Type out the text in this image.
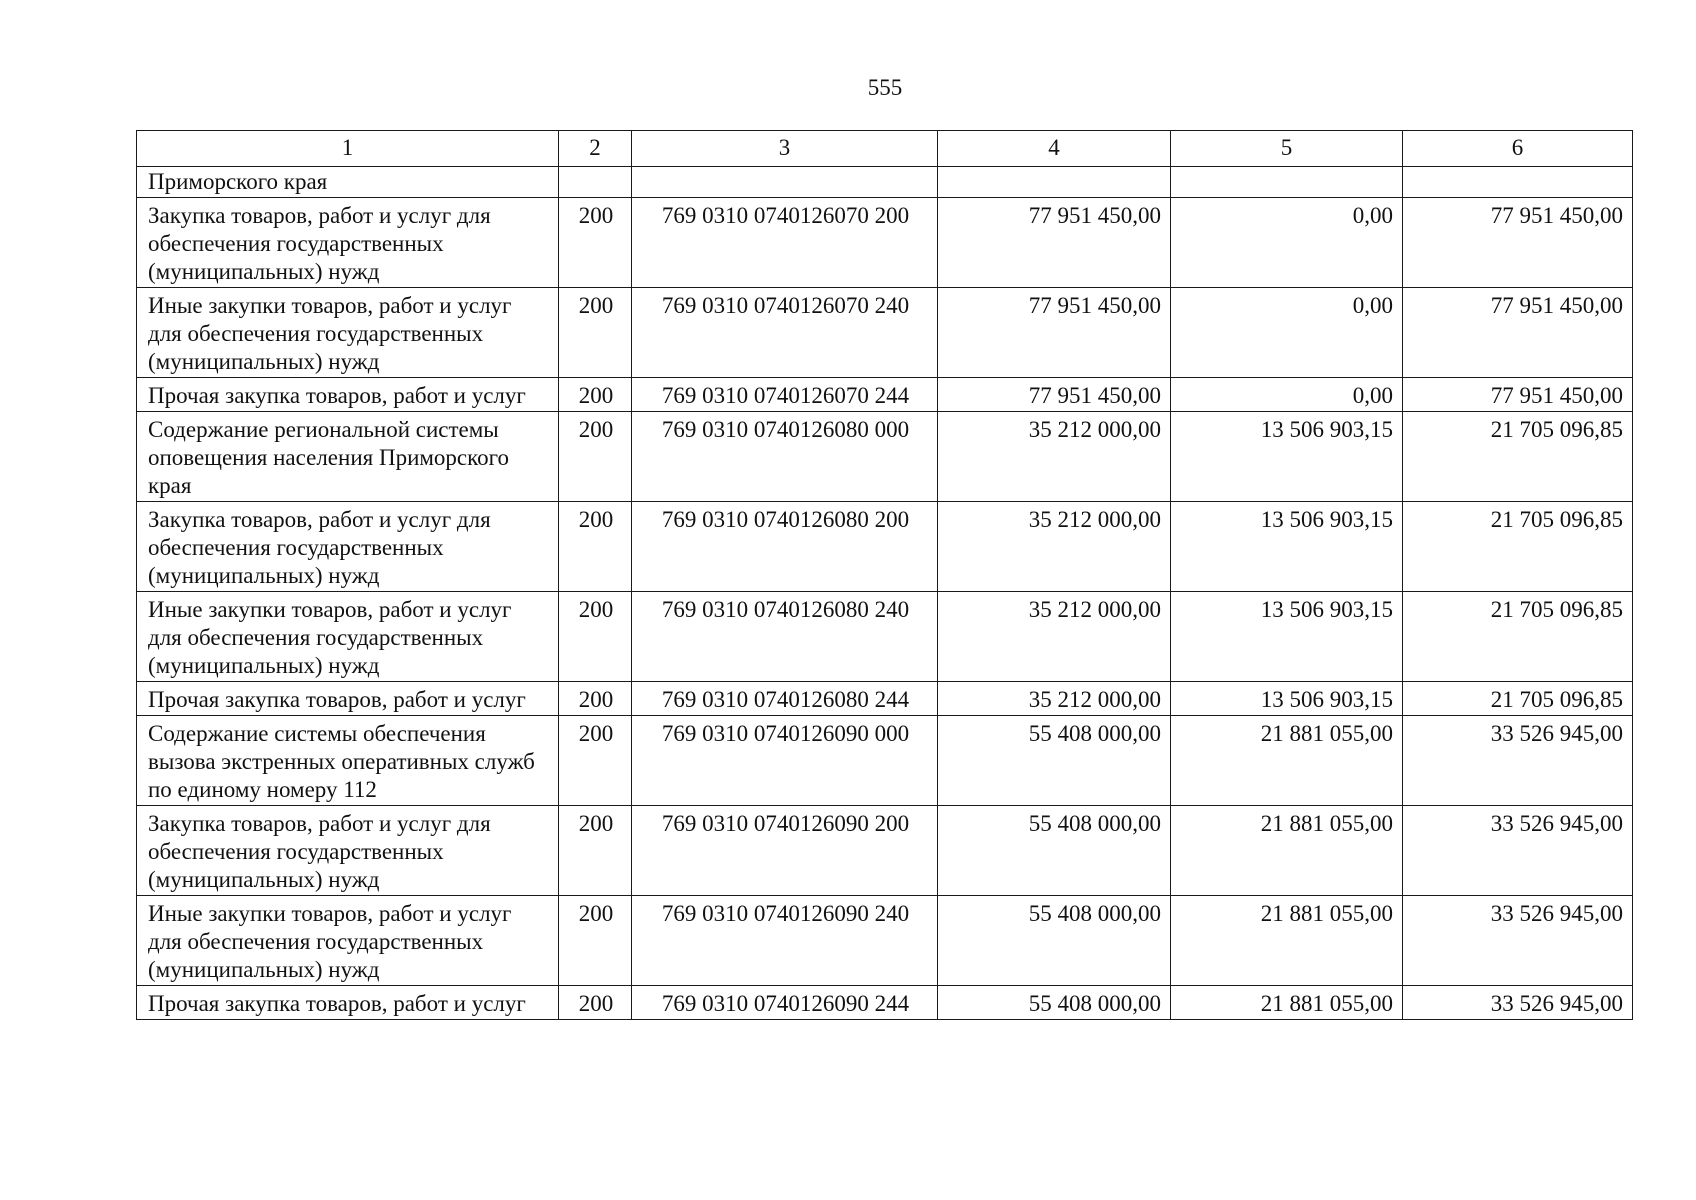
555
1	2	3	4	5	6
Приморского края					
Закупка товаров, работ и услуг для обеспечения государственных (муниципальных) нужд	200	769 0310 0740126070 200	77 951 450,00	0,00	77 951 450,00
Иные закупки товаров, работ и услуг для обеспечения государственных (муниципальных) нужд	200	769 0310 0740126070 240	77 951 450,00	0,00	77 951 450,00
Прочая закупка товаров, работ и услуг	200	769 0310 0740126070 244	77 951 450,00	0,00	77 951 450,00
Содержание региональной системы оповещения населения Приморского края	200	769 0310 0740126080 000	35 212 000,00	13 506 903,15	21 705 096,85
Закупка товаров, работ и услуг для обеспечения государственных (муниципальных) нужд	200	769 0310 0740126080 200	35 212 000,00	13 506 903,15	21 705 096,85
Иные закупки товаров, работ и услуг для обеспечения государственных (муниципальных) нужд	200	769 0310 0740126080 240	35 212 000,00	13 506 903,15	21 705 096,85
Прочая закупка товаров, работ и услуг	200	769 0310 0740126080 244	35 212 000,00	13 506 903,15	21 705 096,85
Содержание системы обеспечения вызова экстренных оперативных служб по единому номеру 112	200	769 0310 0740126090 000	55 408 000,00	21 881 055,00	33 526 945,00
Закупка товаров, работ и услуг для обеспечения государственных (муниципальных) нужд	200	769 0310 0740126090 200	55 408 000,00	21 881 055,00	33 526 945,00
Иные закупки товаров, работ и услуг для обеспечения государственных (муниципальных) нужд	200	769 0310 0740126090 240	55 408 000,00	21 881 055,00	33 526 945,00
Прочая закупка товаров, работ и услуг	200	769 0310 0740126090 244	55 408 000,00	21 881 055,00	33 526 945,00
